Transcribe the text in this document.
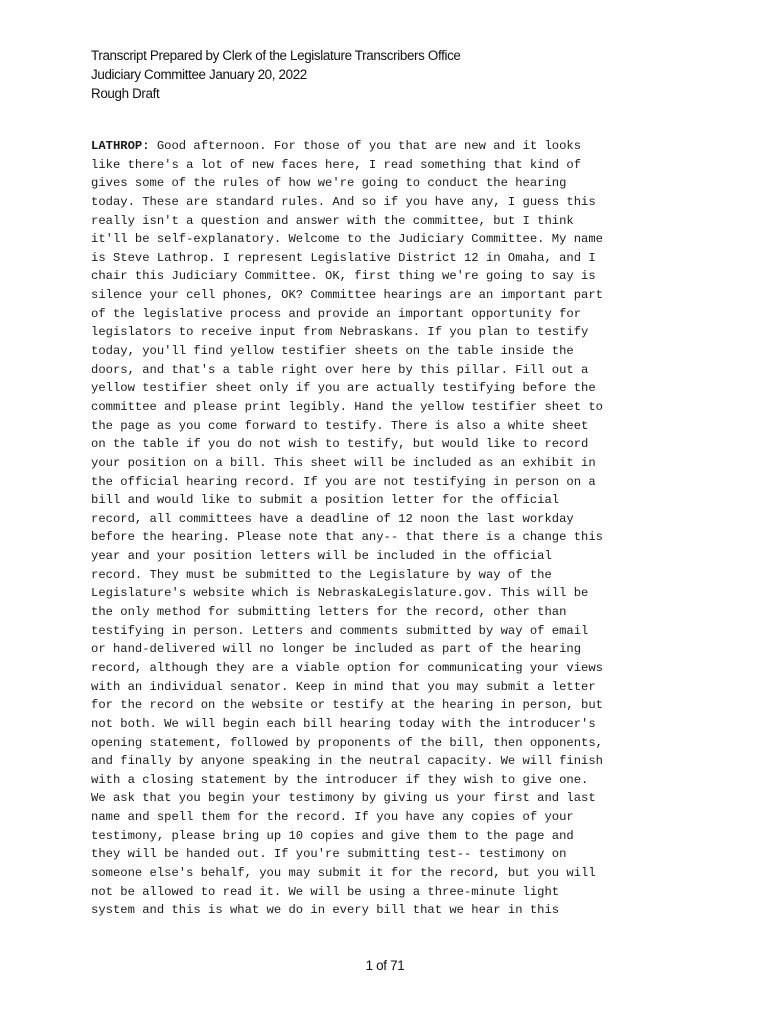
Transcript Prepared by Clerk of the Legislature Transcribers Office
Judiciary Committee January 20, 2022
Rough Draft
LATHROP: Good afternoon. For those of you that are new and it looks
like there's a lot of new faces here, I read something that kind of
gives some of the rules of how we're going to conduct the hearing
today. These are standard rules. And so if you have any, I guess this
really isn't a question and answer with the committee, but I think
it'll be self-explanatory. Welcome to the Judiciary Committee. My name
is Steve Lathrop. I represent Legislative District 12 in Omaha, and I
chair this Judiciary Committee. OK, first thing we're going to say is
silence your cell phones, OK? Committee hearings are an important part
of the legislative process and provide an important opportunity for
legislators to receive input from Nebraskans. If you plan to testify
today, you'll find yellow testifier sheets on the table inside the
doors, and that's a table right over here by this pillar. Fill out a
yellow testifier sheet only if you are actually testifying before the
committee and please print legibly. Hand the yellow testifier sheet to
the page as you come forward to testify. There is also a white sheet
on the table if you do not wish to testify, but would like to record
your position on a bill. This sheet will be included as an exhibit in
the official hearing record. If you are not testifying in person on a
bill and would like to submit a position letter for the official
record, all committees have a deadline of 12 noon the last workday
before the hearing. Please note that any-- that there is a change this
year and your position letters will be included in the official
record. They must be submitted to the Legislature by way of the
Legislature's website which is NebraskaLegislature.gov. This will be
the only method for submitting letters for the record, other than
testifying in person. Letters and comments submitted by way of email
or hand-delivered will no longer be included as part of the hearing
record, although they are a viable option for communicating your views
with an individual senator. Keep in mind that you may submit a letter
for the record on the website or testify at the hearing in person, but
not both. We will begin each bill hearing today with the introducer's
opening statement, followed by proponents of the bill, then opponents,
and finally by anyone speaking in the neutral capacity. We will finish
with a closing statement by the introducer if they wish to give one.
We ask that you begin your testimony by giving us your first and last
name and spell them for the record. If you have any copies of your
testimony, please bring up 10 copies and give them to the page and
they will be handed out. If you're submitting test-- testimony on
someone else's behalf, you may submit it for the record, but you will
not be allowed to read it. We will be using a three-minute light
system and this is what we do in every bill that we hear in this
1 of 71
